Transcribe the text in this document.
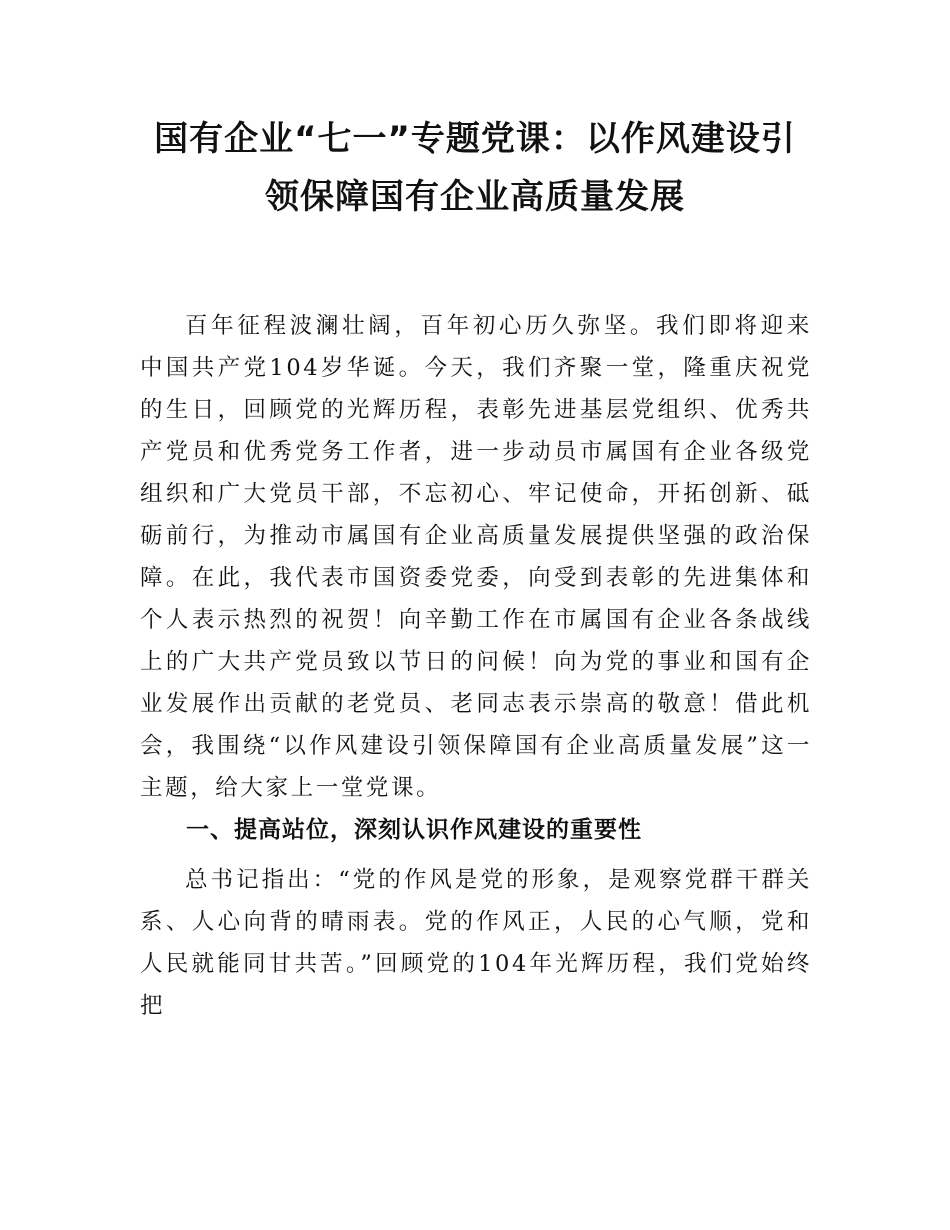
国有企业“七一”专题党课：以作风建设引
领保障国有企业高质量发展

百年征程波澜壮阔，百年初心历久弥坚。我们即将迎来中国共产党104岁华诞。今天，我们齐聚一堂，隆重庆祝党的生日，回顾党的光辉历程，表彰先进基层党组织、优秀共产党员和优秀党务工作者，进一步动员市属国有企业各级党组织和广大党员干部，不忘初心、牢记使命，开拓创新、砥砺前行，为推动市属国有企业高质量发展提供坚强的政治保障。在此，我代表市国资委党委，向受到表彰的先进集体和个人表示热烈的祝贺！向辛勤工作在市属国有企业各条战线上的广大共产党员致以节日的问候！向为党的事业和国有企业发展作出贡献的老党员、老同志表示崇高的敬意！借此机会，我围绕“以作风建设引领保障国有企业高质量发展”这一主题，给大家上一堂党课。

一、提高站位，深刻认识作风建设的重要性

总书记指出：“党的作风是党的形象，是观察党群干群关系、人心向背的晴雨表。党的作风正，人民的心气顺，党和人民就能同甘共苦。”回顾党的104年光辉历程，我们党始终把
